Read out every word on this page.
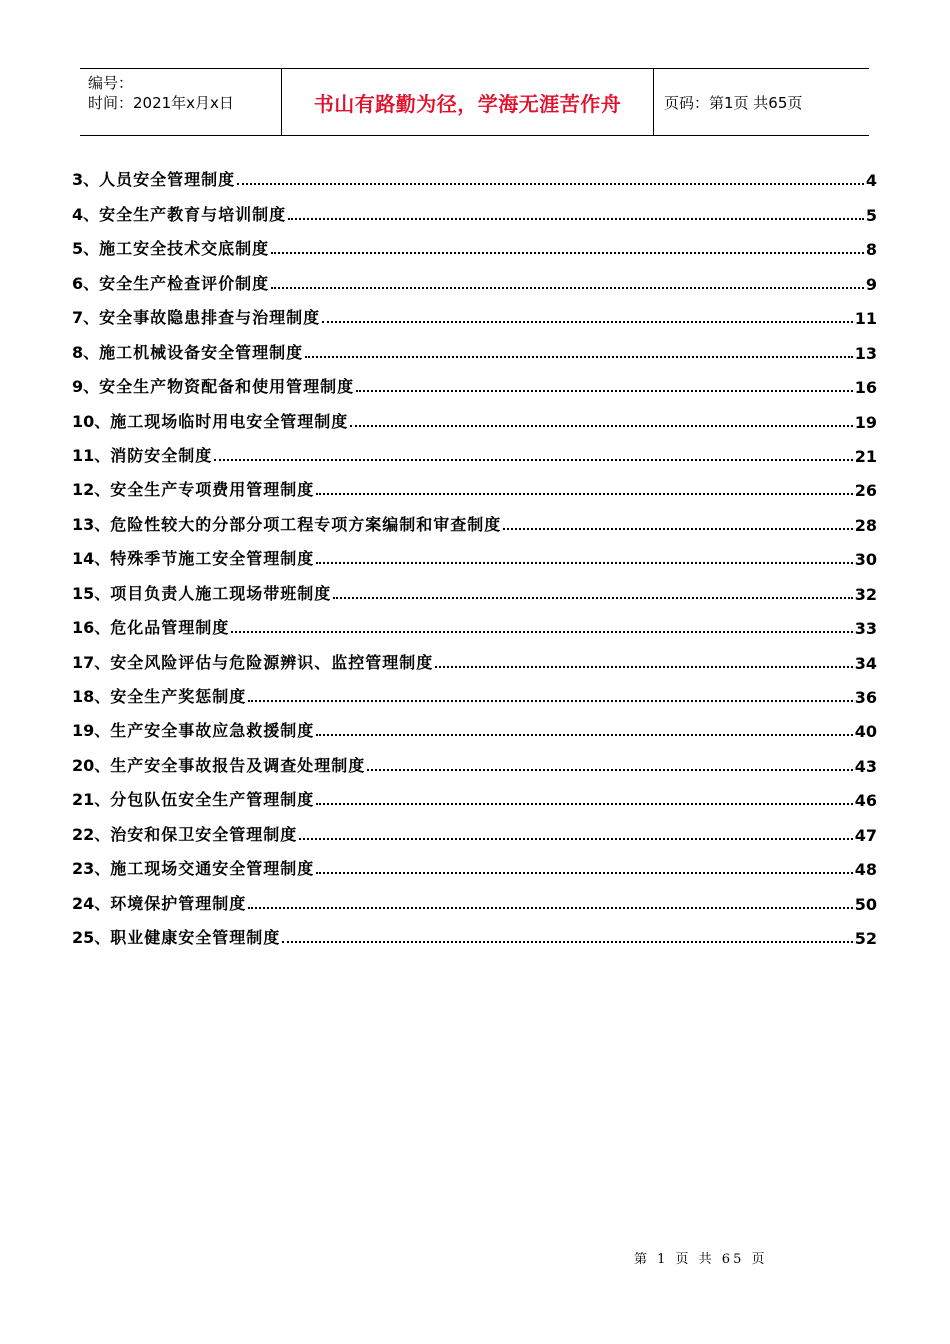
编号：
时间：2021年x月x日	书山有路勤为径，学海无涯苦作舟	页码：第1页 共65页
3、 人员安全管理制度	4
4、 安全生产教育与培训制度	5
5、 施工安全技术交底制度	8
6、 安全生产检查评价制度	9
7、 安全事故隐患排查与治理制度	11
8、 施工机械设备安全管理制度	13
9、 安全生产物资配备和使用管理制度	16
10、 施工现场临时用电安全管理制度	19
11、 消防安全制度	21
12、 安全生产专项费用管理制度	26
13、 危险性较大的分部分项工程专项方案编制和审查制度	28
14、 特殊季节施工安全管理制度	30
15、 项目负责人施工现场带班制度	32
16、 危化品管理制度	33
17、 安全风险评估与危险源辨识、监控管理制度	34
18、 安全生产奖惩制度	36
19、 生产安全事故应急救援制度	40
20、 生产安全事故报告及调查处理制度	43
21、 分包队伍安全生产管理制度	46
22、 治安和保卫安全管理制度	47
23、 施工现场交通安全管理制度	48
24、 环境保护管理制度	50
25、 职业健康安全管理制度	52
第 1 页 共 65 页
